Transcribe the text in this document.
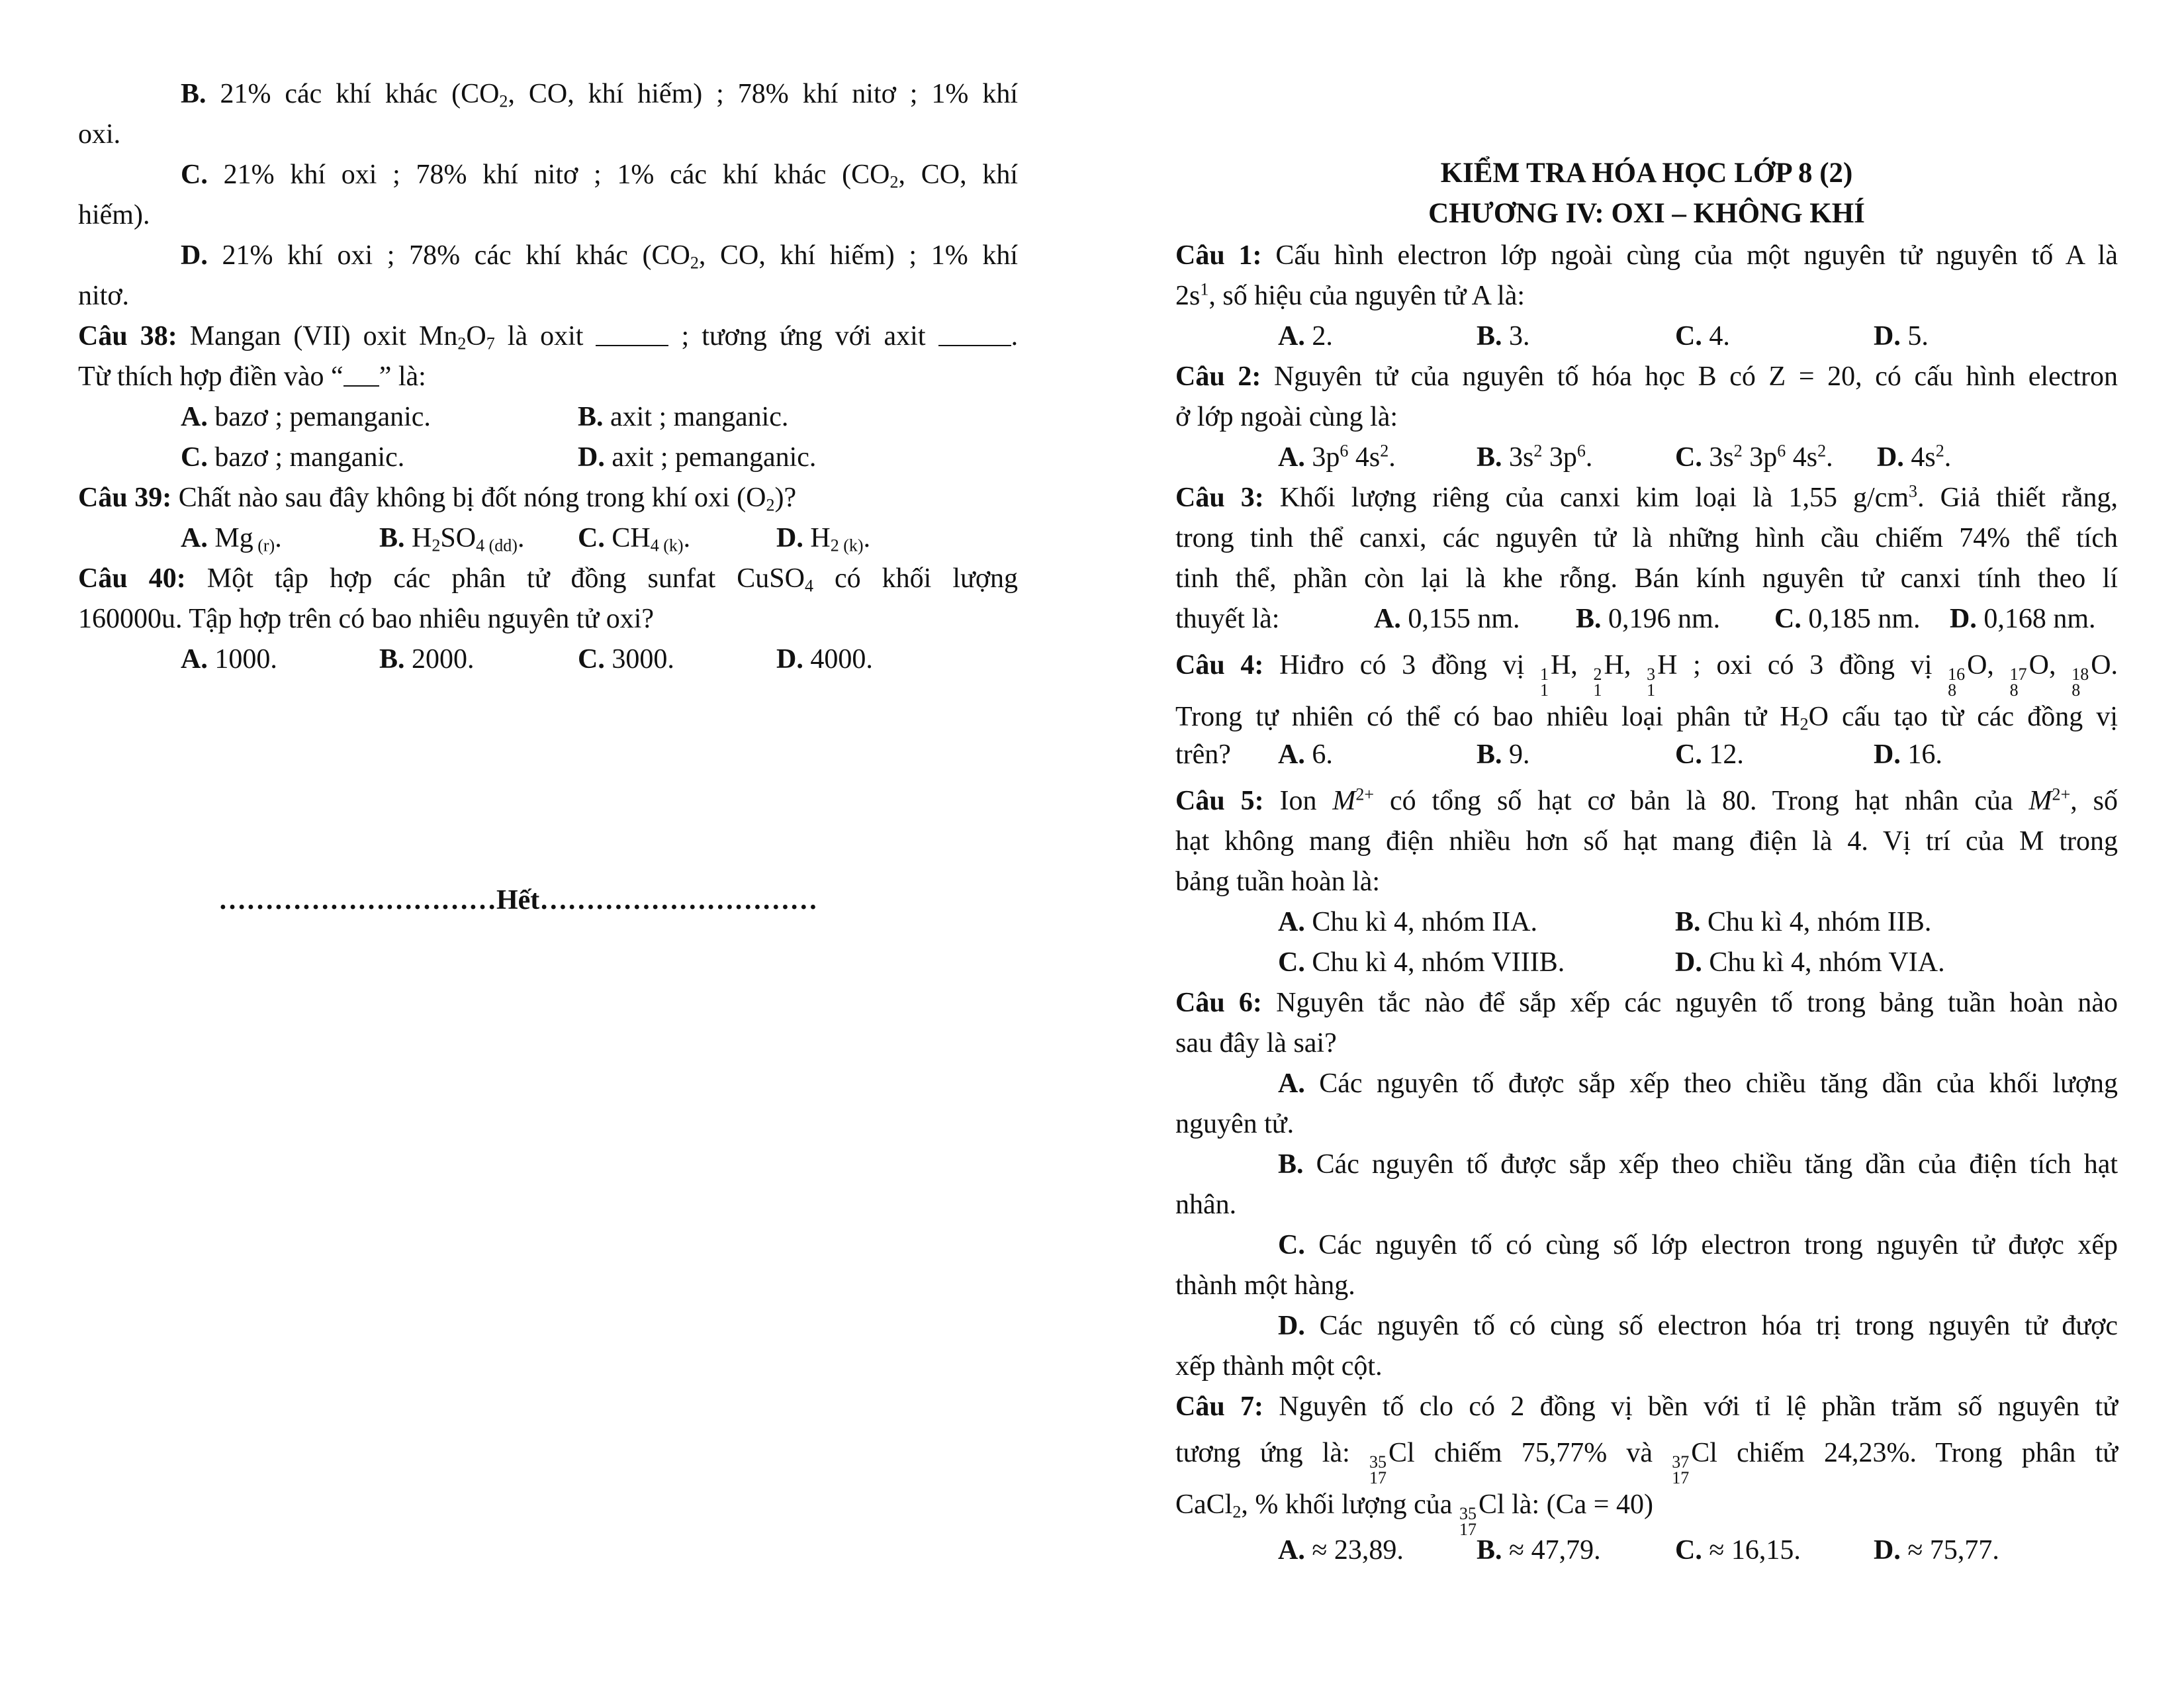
B. 21% các khí khác ($CO_2$, CO, khí hiếm) ; 78% khí nitơ ; 1% khí
oxi.
C. 21% khí oxi ; 78% khí nitơ ; 1% các khí khác ($CO_2$, CO, khí
hiếm).
D. 21% khí oxi ; 78% các khí khác ($CO_2$, CO, khí hiếm) ; 1% khí
nitơ.
Câu 38: Mangan (VII) oxit $Mn_2O_7$ là oxit	; tương ứng với axit	.
Từ thích hợp điền vào “ ” là:
A. bazơ ; pemanganic.	B. axit ; manganic.
C. bazơ ; manganic.	D. axit ; pemanganic.
Câu 39: Chất nào sau đây không bị đốt nóng trong khí oxi $(O_2)$?
A. Mg $_{(r)}$.	B. $H_2SO_{4 (dd)}$. C. $CH_{4 (k)}$.	D. $H_{2 (k)}$.
Câu 40: Một tập hợp các phân tử đồng sunfat CuSO$_4$ có khối lượng
160000u. Tập hợp trên có bao nhiêu nguyên tử oxi?
A. 1000.	B. 2000.	C. 3000.	D. 4000.
…………………………Hết…………………………
KIỂM TRA HÓA HỌC LỚP 8 (2)
CHƯƠNG IV: OXI – KHÔNG KHÍ
Câu 1: Cấu hình electron lớp ngoài cùng của một nguyên tử nguyên tố A là
$2s^1$, số hiệu của nguyên tử A là:
A. 2.	B. 3.	C. 4.	D. 5.
Câu 2: Nguyên tử của nguyên tố hóa học B có Z = 20, có cấu hình electron
ở lớp ngoài cùng là:
A. $3p^6$ $4s^2$.	B. $3s^2$ $3p^6$.	C. $3s^2$ $3p^6$ $4s^2$. D. $4s^2$.
Câu 3: Khối lượng riêng của canxi kim loại là 1,55 $g/cm^3$. Giả thiết rằng,
trong tinh thể canxi, các nguyên tử là những hình cầu chiếm 74% thể tích
tinh thể, phần còn lại là khe rỗng. Bán kính nguyên tử canxi tính theo lí
thuyết là:	A. 0,155 nm. B. 0,196 nm. C. 0,185 nm. D. 0,168 nm.
Câu 4: Hiđro có 3 đồng vị 1
1
H, 2
1
H, 3
1
H ; oxi có 3 đồng vị 16
8
O, 17
8
O, 18
8
O.
Trong tự nhiên có thể có bao nhiêu loại phân tử $H_2O$ cấu tạo từ các đồng vị
trên? A. 6.	B. 9.	C. 12.	D. 16.
Câu 5: Ion $M^{2+}$ có tổng số hạt cơ bản là 80. Trong hạt nhân của $M^{2+}$, số
hạt không mang điện nhiều hơn số hạt mang điện là 4. Vị trí của M trong
bảng tuần hoàn là:
A. Chu kì 4, nhóm IIA.	B. Chu kì 4, nhóm IIB.
C. Chu kì 4, nhóm VIIIB.	D. Chu kì 4, nhóm VIA.
Câu 6: Nguyên tắc nào để sắp xếp các nguyên tố trong bảng tuần hoàn nào
sau đây là sai?
A. Các nguyên tố được sắp xếp theo chiều tăng dần của khối lượng
nguyên tử.
B. Các nguyên tố được sắp xếp theo chiều tăng dần của điện tích hạt
nhân.
C. Các nguyên tố có cùng số lớp electron trong nguyên tử được xếp
thành một hàng.
D. Các nguyên tố có cùng số electron hóa trị trong nguyên tử được
xếp thành một cột.
Câu 7: Nguyên tố clo có 2 đồng vị bền với tỉ lệ phần trăm số nguyên tử
tương ứng là: 35
17
Cl chiếm 75,77% và 37
17
Cl chiếm 24,23%. Trong phân tử
CaCl$_2$, % khối lượng của 35
17
Cl là: (Ca = 40)
A. ≈ 23,89.	B. ≈ 47,79.	C. ≈ 16,15.	D. ≈ 75,77.
